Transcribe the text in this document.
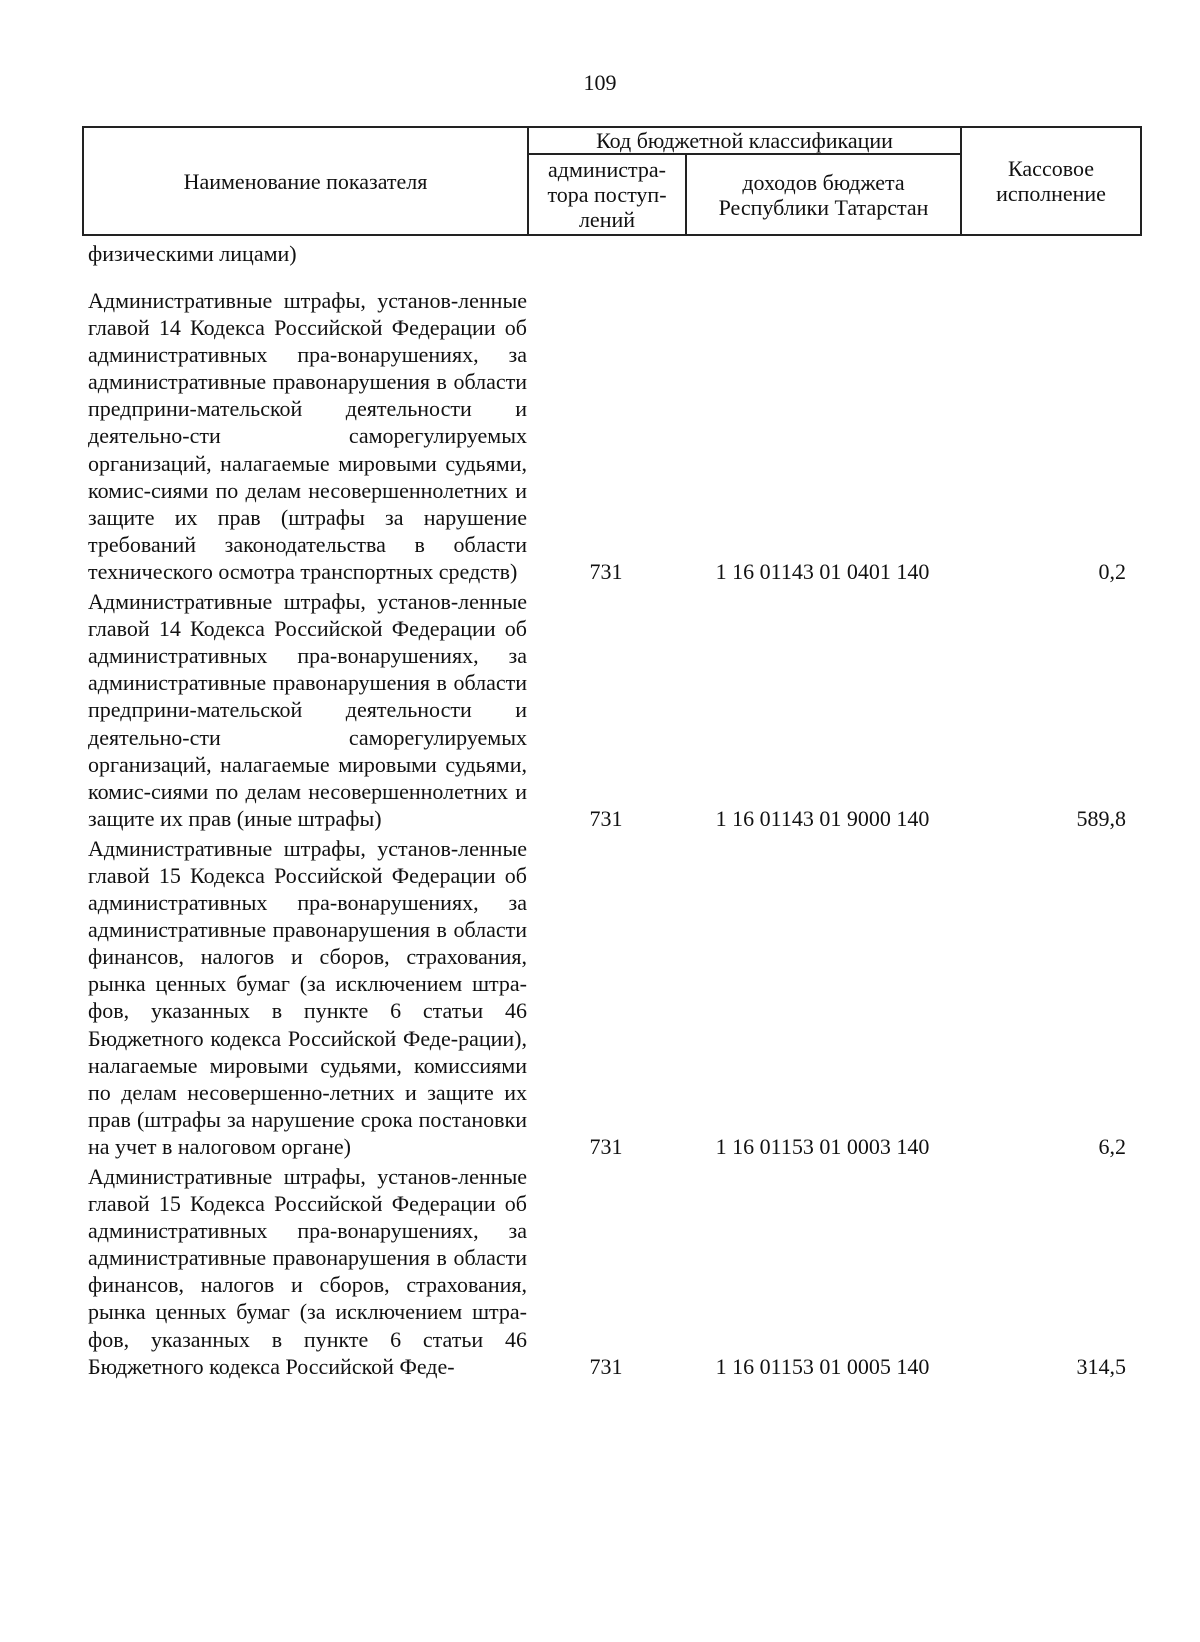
109
Наименование показателя	Код бюджетной классификации		Кассовое исполнение
	администра-тора поступ-лений	доходов бюджета Республики Татарстан	
физическими лицами)
Административные штрафы, установ-ленные главой 14 Кодекса Российской Федерации об административных пра-вонарушениях, за административные правонарушения в области предприни-мательской деятельности и деятельно-сти саморегулируемых организаций, налагаемые мировыми судьями, комис-сиями по делам несовершеннолетних и защите их прав (штрафы за нарушение требований законодательства в области технического осмотра транспортных средств)	731	1 16 01143 01 0401 140	0,2
Административные штрафы, установ-ленные главой 14 Кодекса Российской Федерации об административных пра-вонарушениях, за административные правонарушения в области предприни-мательской деятельности и деятельно-сти саморегулируемых организаций, налагаемые мировыми судьями, комис-сиями по делам несовершеннолетних и защите их прав (иные штрафы)	731	1 16 01143 01 9000 140	589,8
Административные штрафы, установ-ленные главой 15 Кодекса Российской Федерации об административных пра-вонарушениях, за административные правонарушения в области финансов, налогов и сборов, страхования, рынка ценных бумаг (за исключением штра-фов, указанных в пункте 6 статьи 46 Бюджетного кодекса Российской Феде-рации), налагаемые мировыми судьями, комиссиями по делам несовершенно-летних и защите их прав (штрафы за нарушение срока постановки на учет в налоговом органе)	731	1 16 01153 01 0003 140	6,2
Административные штрафы, установ-ленные главой 15 Кодекса Российской Федерации об административных пра-вонарушениях, за административные правонарушения в области финансов, налогов и сборов, страхования, рынка ценных бумаг (за исключением штра-фов, указанных в пункте 6 статьи 46 Бюджетного кодекса Российской Феде-	731	1 16 01153 01 0005 140	314,5
